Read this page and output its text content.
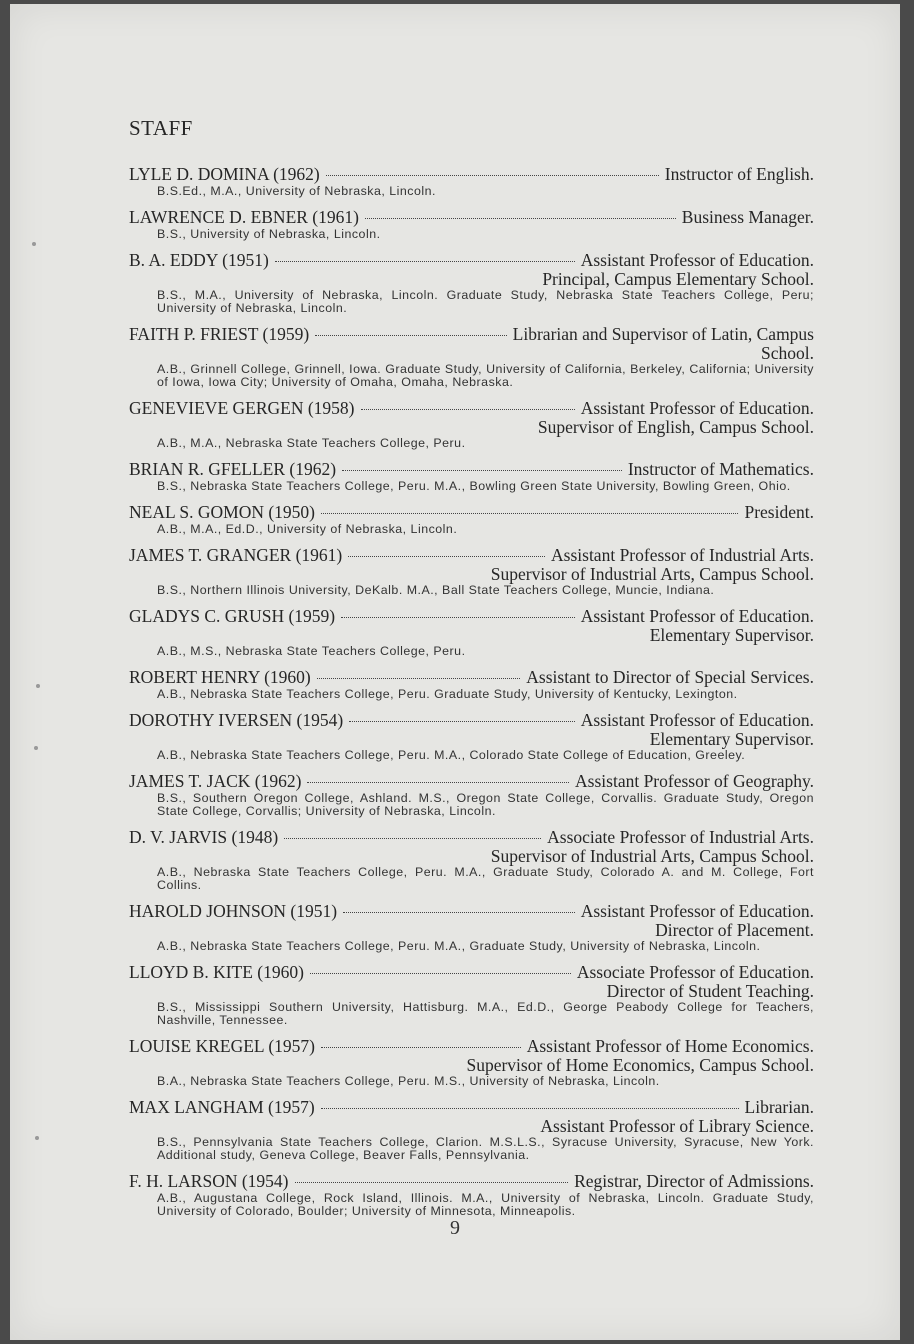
STAFF
LYLE D. DOMINA (1962)	Instructor of English.
B.S.Ed., M.A., University of Nebraska, Lincoln.
LAWRENCE D. EBNER (1961)	Business Manager.
B.S., University of Nebraska, Lincoln.
B. A. EDDY (1951)	Assistant Professor of Education.
Principal, Campus Elementary School.
B.S., M.A., University of Nebraska, Lincoln. Graduate Study, Nebraska State Teachers College, Peru; University of Nebraska, Lincoln.
FAITH P. FRIEST (1959)	Librarian and Supervisor of Latin, Campus
School.
A.B., Grinnell College, Grinnell, Iowa. Graduate Study, University of California, Berkeley, California; University of Iowa, Iowa City; University of Omaha, Omaha, Nebraska.
GENEVIEVE GERGEN (1958)	Assistant Professor of Education.
Supervisor of English, Campus School.
A.B., M.A., Nebraska State Teachers College, Peru.
BRIAN R. GFELLER (1962)	Instructor of Mathematics.
B.S., Nebraska State Teachers College, Peru. M.A., Bowling Green State University, Bowling Green, Ohio.
NEAL S. GOMON (1950)	President.
A.B., M.A., Ed.D., University of Nebraska, Lincoln.
JAMES T. GRANGER (1961)	Assistant Professor of Industrial Arts.
Supervisor of Industrial Arts, Campus School.
B.S., Northern Illinois University, DeKalb. M.A., Ball State Teachers College, Muncie, Indiana.
GLADYS C. GRUSH (1959)	Assistant Professor of Education.
Elementary Supervisor.
A.B., M.S., Nebraska State Teachers College, Peru.
ROBERT HENRY (1960)	Assistant to Director of Special Services.
A.B., Nebraska State Teachers College, Peru. Graduate Study, University of Kentucky, Lexington.
DOROTHY IVERSEN (1954)	Assistant Professor of Education.
Elementary Supervisor.
A.B., Nebraska State Teachers College, Peru. M.A., Colorado State College of Education, Greeley.
JAMES T. JACK (1962)	Assistant Professor of Geography.
B.S., Southern Oregon College, Ashland. M.S., Oregon State College, Corvallis. Graduate Study, Oregon State College, Corvallis; University of Nebraska, Lincoln.
D. V. JARVIS (1948)	Associate Professor of Industrial Arts.
Supervisor of Industrial Arts, Campus School.
A.B., Nebraska State Teachers College, Peru. M.A., Graduate Study, Colorado A. and M. College, Fort Collins.
HAROLD JOHNSON (1951)	Assistant Professor of Education.
Director of Placement.
A.B., Nebraska State Teachers College, Peru. M.A., Graduate Study, University of Nebraska, Lincoln.
LLOYD B. KITE (1960)	Associate Professor of Education.
Director of Student Teaching.
B.S., Mississippi Southern University, Hattisburg. M.A., Ed.D., George Peabody College for Teachers, Nashville, Tennessee.
LOUISE KREGEL (1957)	Assistant Professor of Home Economics.
Supervisor of Home Economics, Campus School.
B.A., Nebraska State Teachers College, Peru. M.S., University of Nebraska, Lincoln.
MAX LANGHAM (1957)	Librarian.
Assistant Professor of Library Science.
B.S., Pennsylvania State Teachers College, Clarion. M.S.L.S., Syracuse University, Syracuse, New York. Additional study, Geneva College, Beaver Falls, Pennsylvania.
F. H. LARSON (1954)	Registrar, Director of Admissions.
A.B., Augustana College, Rock Island, Illinois. M.A., University of Nebraska, Lincoln. Graduate Study, University of Colorado, Boulder; University of Minnesota, Minneapolis.
9
